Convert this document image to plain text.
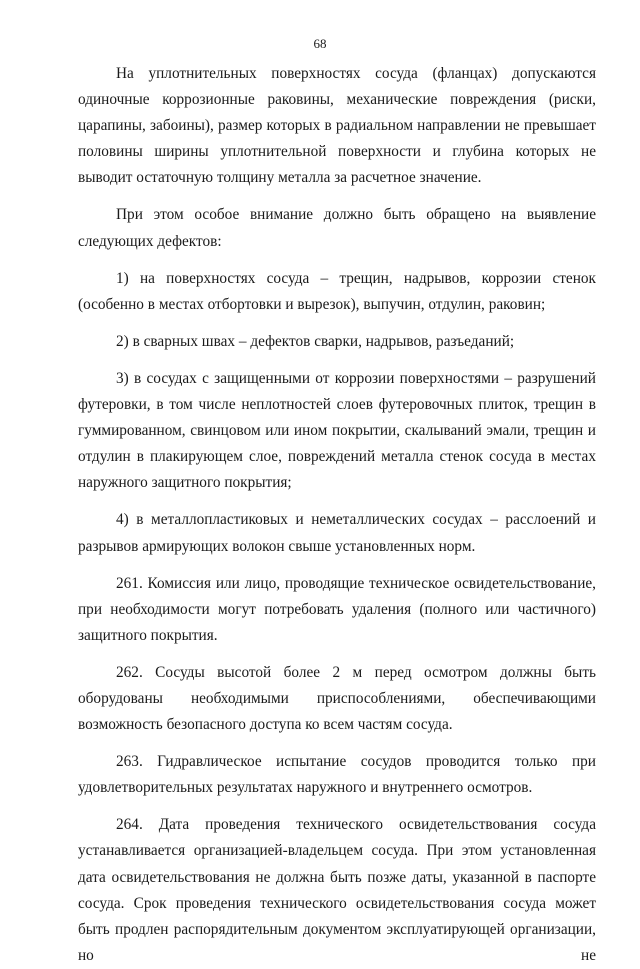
68

На уплотнительных поверхностях сосуда (фланцах) допускаются одиночные коррозионные раковины, механические повреждения (риски, царапины, забоины), размер которых в радиальном направлении не превышает половины ширины уплотнительной поверхности и глубина которых не выводит остаточную толщину металла за расчетное значение.

При этом особое внимание должно быть обращено на выявление следующих дефектов:

1) на поверхностях сосуда – трещин, надрывов, коррозии стенок (особенно в местах отбортовки и вырезок), выпучин, отдулин, раковин;

2) в сварных швах – дефектов сварки, надрывов, разъеданий;

3) в сосудах с защищенными от коррозии поверхностями – разрушений футеровки, в том числе неплотностей слоев футеровочных плиток, трещин в гуммированном, свинцовом или ином покрытии, скалываний эмали, трещин и отдулин в плакирующем слое, повреждений металла стенок сосуда в местах наружного защитного покрытия;

4) в металлопластиковых и неметаллических сосудах – расслоений и разрывов армирующих волокон свыше установленных норм.

261. Комиссия или лицо, проводящие техническое освидетельствование, при необходимости могут потребовать удаления (полного или частичного) защитного покрытия.

262. Сосуды высотой более 2 м перед осмотром должны быть оборудованы необходимыми приспособлениями, обеспечивающими возможность безопасного доступа ко всем частям сосуда.

263. Гидравлическое испытание сосудов проводится только при удовлетворительных результатах наружного и внутреннего осмотров.

264. Дата проведения технического освидетельствования сосуда устанавливается организацией-владельцем сосуда. При этом установленная дата освидетельствования не должна быть позже даты, указанной в паспорте сосуда. Срок проведения технического освидетельствования сосуда может быть продлен распорядительным документом эксплуатирующей организации, но не
